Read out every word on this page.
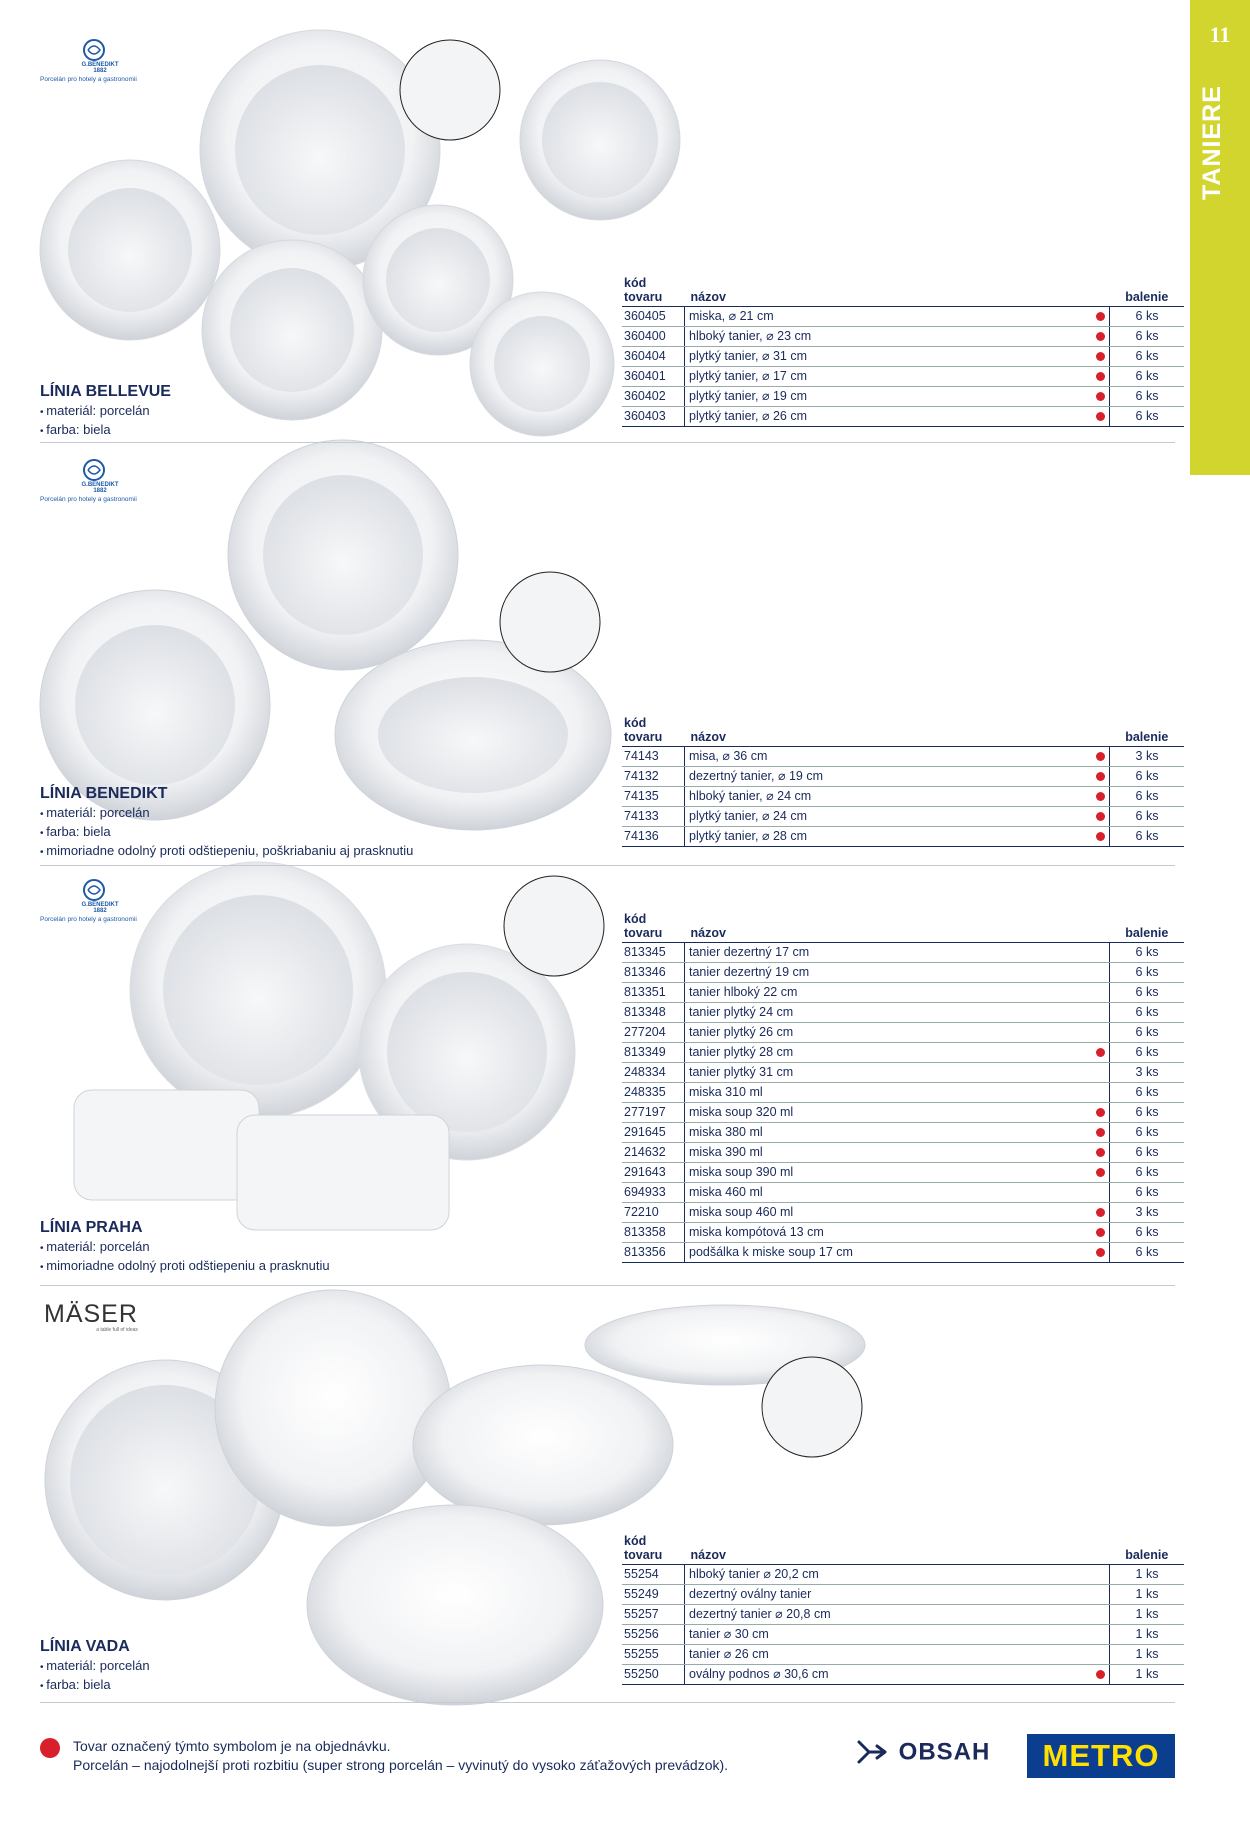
11
TANIERE
G.BENEDIKT
1882
Porcelán pro hotely a gastronomii
G.BENEDIKT
1882
Porcelán pro hotely a gastronomii
G.BENEDIKT
1882
Porcelán pro hotely a gastronomii
MÄSER
a table full of ideas
LÍNIA BELLEVUE
• materiál: porcelán
• farba: biela
LÍNIA BENEDIKT
• materiál: porcelán
• farba: biela
• mimoriadne odolný proti odštiepeniu, poškriabaniu aj prasknutiu
LÍNIA PRAHA
• materiál: porcelán
• mimoriadne odolný proti odštiepeniu a prasknutiu
LÍNIA VADA
• materiál: porcelán
• farba: biela
kód tovaru	názov		balenie
360405	miska, ⌀ 21 cm		6 ks
360400	hlboký tanier, ⌀ 23 cm		6 ks
360404	plytký tanier, ⌀ 31 cm		6 ks
360401	plytký tanier, ⌀ 17 cm		6 ks
360402	plytký tanier, ⌀ 19 cm		6 ks
360403	plytký tanier, ⌀ 26 cm		6 ks
kód tovaru	názov		balenie
74143	misa, ⌀ 36 cm		3 ks
74132	dezertný tanier, ⌀ 19 cm		6 ks
74135	hlboký tanier, ⌀ 24 cm		6 ks
74133	plytký tanier, ⌀ 24 cm		6 ks
74136	plytký tanier, ⌀ 28 cm		6 ks
kód tovaru	názov		balenie
813345	tanier dezertný 17 cm		6 ks
813346	tanier dezertný 19 cm		6 ks
813351	tanier hlboký 22 cm		6 ks
813348	tanier plytký 24 cm		6 ks
277204	tanier plytký 26 cm		6 ks
813349	tanier plytký 28 cm		6 ks
248334	tanier plytký 31 cm		3 ks
248335	miska 310 ml		6 ks
277197	miska soup 320 ml		6 ks
291645	miska 380 ml		6 ks
214632	miska 390 ml		6 ks
291643	miska soup 390 ml		6 ks
694933	miska 460 ml		6 ks
72210	miska soup 460 ml		3 ks
813358	miska kompótová 13 cm		6 ks
813356	podšálka k miske soup 17 cm		6 ks
kód tovaru	názov		balenie
55254	hlboký tanier ⌀ 20,2 cm		1 ks
55249	dezertný oválny tanier		1 ks
55257	dezertný tanier ⌀ 20,8 cm		1 ks
55256	tanier ⌀ 30 cm		1 ks
55255	tanier ⌀ 26 cm		1 ks
55250	oválny podnos ⌀ 30,6 cm		1 ks
Tovar označený týmto symbolom je na objednávku.
Porcelán – najodolnejší proti rozbitiu (super strong porcelán – vyvinutý do vysoko záťažových prevádzok).	OBSAH	METRO
